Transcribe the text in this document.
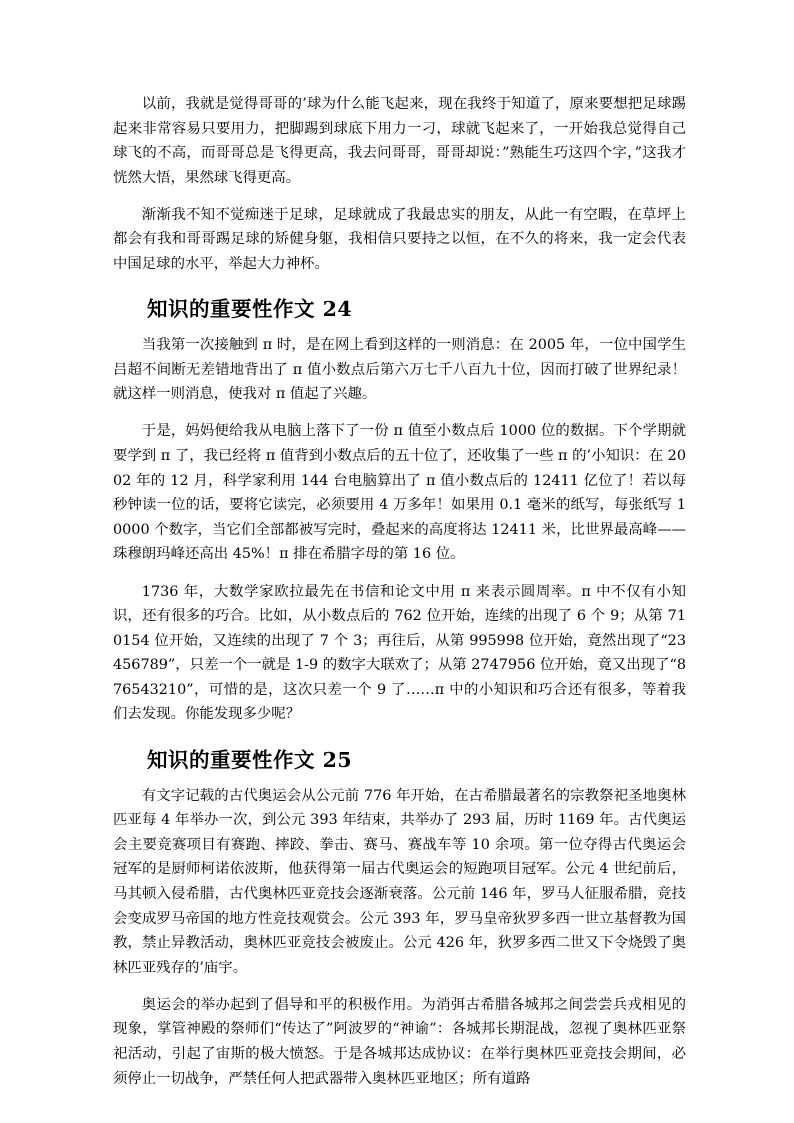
以前，我就是觉得哥哥的’球为什么能飞起来，现在我终于知道了，原来要想把足球踢起来非常容易只要用力，把脚踢到球底下用力一刁，球就飞起来了，一开始我总觉得自己球飞的不高，而哥哥总是飞得更高，我去问哥哥，哥哥却说：”熟能生巧这四个字，”这我才恍然大悟，果然球飞得更高。

渐渐我不知不觉痴迷于足球，足球就成了我最忠实的朋友，从此一有空暇，在草坪上都会有我和哥哥踢足球的矫健身躯，我相信只要持之以恒，在不久的将来，我一定会代表中国足球的水平，举起大力神杯。

知识的重要性作文 24

当我第一次接触到 π 时，是在网上看到这样的一则消息：在 2005 年，一位中国学生吕超不间断无差错地背出了 π 值小数点后第六万七千八百九十位，因而打破了世界纪录！就这样一则消息，使我对 π 值起了兴趣。

于是，妈妈便给我从电脑上落下了一份 π 值至小数点后 1000 位的数据。下个学期就要学到 π 了，我已经将 π 值背到小数点后的五十位了，还收集了一些 π 的’小知识：在 2002 年的 12 月，科学家利用 144 台电脑算出了 π 值小数点后的 12411 亿位了！若以每秒钟读一位的话，要将它读完，必须要用 4 万多年！如果用 0.1 毫米的纸写，每张纸写 10000 个数字，当它们全部都被写完时，叠起来的高度将达 12411 米，比世界最高峰——珠穆朗玛峰还高出 45%！π 排在希腊字母的第 16 位。

1736 年，大数学家欧拉最先在书信和论文中用 π 来表示圆周率。π 中不仅有小知识，还有很多的巧合。比如，从小数点后的 762 位开始，连续的出现了 6 个 9；从第 710154 位开始，又连续的出现了 7 个 3；再往后，从第 995998 位开始，竟然出现了“23456789”，只差一个一就是 1-9 的数字大联欢了；从第 2747956 位开始，竟又出现了“876543210”，可惜的是，这次只差一个 9 了……π 中的小知识和巧合还有很多，等着我们去发现。你能发现多少呢？

知识的重要性作文 25

有文字记载的古代奥运会从公元前 776 年开始，在古希腊最著名的宗教祭祀圣地奥林匹亚每 4 年举办一次，到公元 393 年结束，共举办了 293 届，历时 1169 年。古代奥运会主要竞赛项目有赛跑、摔跤、拳击、赛马、赛战车等 10 余项。第一位夺得古代奥运会冠军的是厨师柯诺依波斯，他获得第一届古代奥运会的短跑项目冠军。公元 4 世纪前后，马其顿入侵希腊，古代奥林匹亚竞技会逐渐衰落。公元前 146 年，罗马人征服希腊，竞技会变成罗马帝国的地方性竞技观赏会。公元 393 年，罗马皇帝狄罗多西一世立基督教为国教，禁止异教活动，奥林匹亚竞技会被废止。公元 426 年，狄罗多西二世又下令烧毁了奥林匹亚残存的’庙宇。

奥运会的举办起到了倡导和平的积极作用。为消弭古希腊各城邦之间尝尝兵戎相见的现象，掌管神殿的祭师们“传达了”阿波罗的“神谕”：各城邦长期混战，忽视了奥林匹亚祭祀活动，引起了宙斯的极大愤怒。于是各城邦达成协议：在举行奥林匹亚竞技会期间，必须停止一切战争，严禁任何人把武器带入奥林匹亚地区；所有道路
